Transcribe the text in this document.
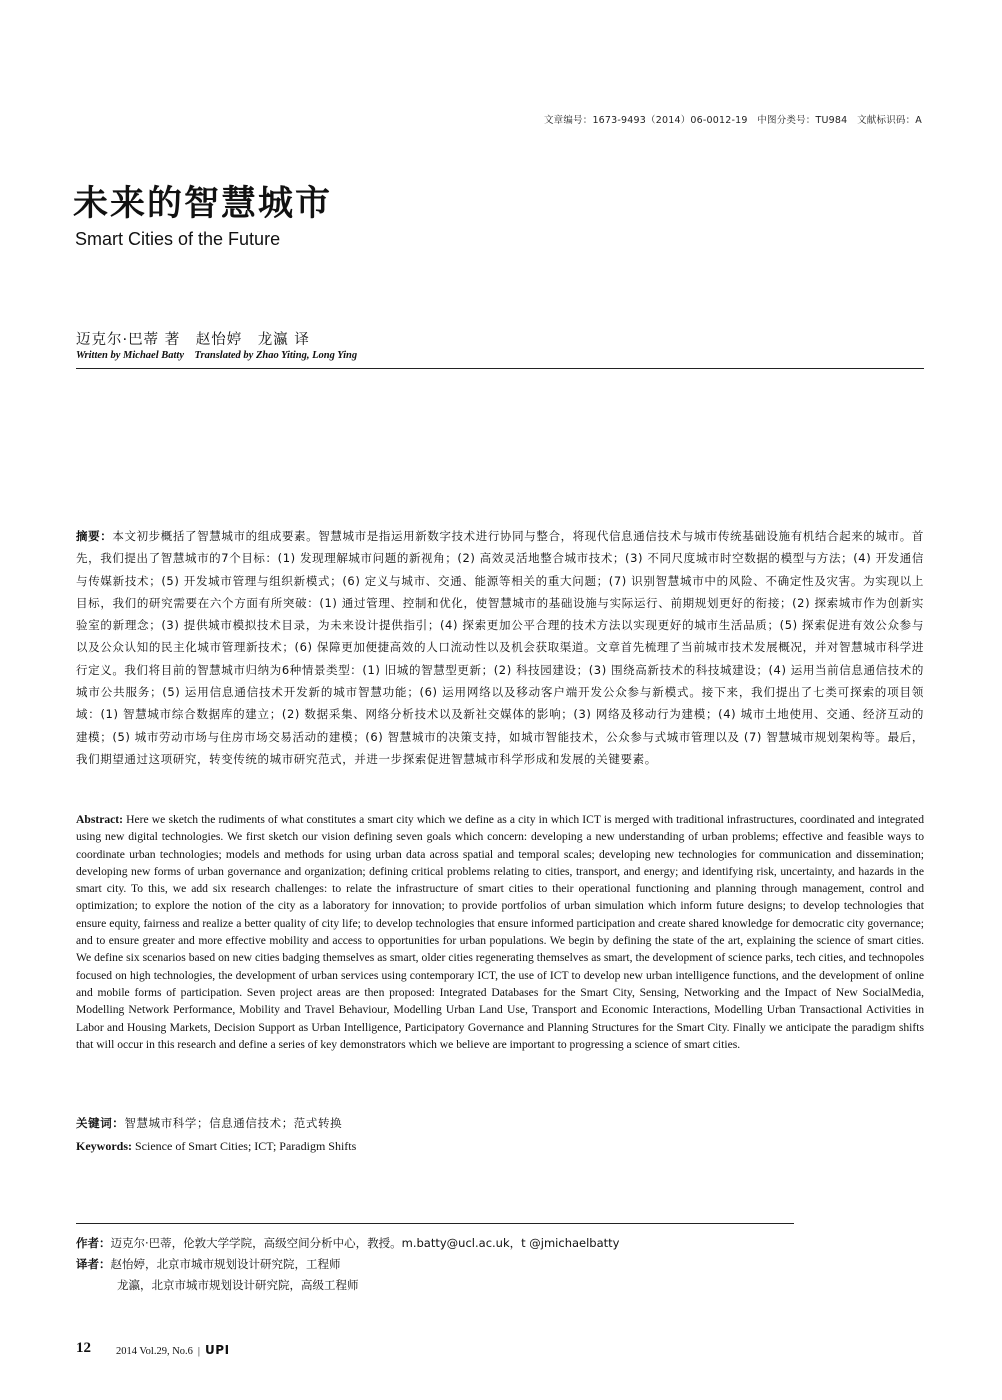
文章编号：1673-9493（2014）06-0012-19　中图分类号：TU984　文献标识码：A
未来的智慧城市
Smart Cities of the Future
迈克尔·巴蒂 著　赵怡婷　龙瀛 译
Written by Michael Batty　Translated by Zhao Yiting, Long Ying
摘要：本文初步概括了智慧城市的组成要素。智慧城市是指运用新数字技术进行协同与整合，将现代信息通信技术与城市传统基础设施有机结合起来的城市。首先，我们提出了智慧城市的7个目标：(1) 发现理解城市问题的新视角；(2) 高效灵活地整合城市技术；(3) 不同尺度城市时空数据的模型与方法；(4) 开发通信与传媒新技术；(5) 开发城市管理与组织新模式；(6) 定义与城市、交通、能源等相关的重大问题；(7) 识别智慧城市中的风险、不确定性及灾害。为实现以上目标，我们的研究需要在六个方面有所突破：(1) 通过管理、控制和优化，使智慧城市的基础设施与实际运行、前期规划更好的衔接；(2) 探索城市作为创新实验室的新理念；(3) 提供城市模拟技术目录，为未来设计提供指引；(4) 探索更加公平合理的技术方法以实现更好的城市生活品质；(5) 探索促进有效公众参与以及公众认知的民主化城市管理新技术；(6) 保障更加便捷高效的人口流动性以及机会获取渠道。文章首先梳理了当前城市技术发展概况，并对智慧城市科学进行定义。我们将目前的智慧城市归纳为6种情景类型：(1) 旧城的智慧型更新；(2) 科技园建设；(3) 围绕高新技术的科技城建设；(4) 运用当前信息通信技术的城市公共服务；(5) 运用信息通信技术开发新的城市智慧功能；(6) 运用网络以及移动客户端开发公众参与新模式。接下来，我们提出了七类可探索的项目领域：(1) 智慧城市综合数据库的建立；(2) 数据采集、网络分析技术以及新社交媒体的影响；(3) 网络及移动行为建模；(4) 城市土地使用、交通、经济互动的建模；(5) 城市劳动市场与住房市场交易活动的建模；(6) 智慧城市的决策支持，如城市智能技术，公众参与式城市管理以及 (7) 智慧城市规划架构等。最后，我们期望通过这项研究，转变传统的城市研究范式，并进一步探索促进智慧城市科学形成和发展的关键要素。
Abstract: Here we sketch the rudiments of what constitutes a smart city which we define as a city in which ICT is merged with traditional infrastructures, coordinated and integrated using new digital technologies. We first sketch our vision defining seven goals which concern: developing a new understanding of urban problems; effective and feasible ways to coordinate urban technologies; models and methods for using urban data across spatial and temporal scales; developing new technologies for communication and dissemination; developing new forms of urban governance and organization; defining critical problems relating to cities, transport, and energy; and identifying risk, uncertainty, and hazards in the smart city. To this, we add six research challenges: to relate the infrastructure of smart cities to their operational functioning and planning through management, control and optimization; to explore the notion of the city as a laboratory for innovation; to provide portfolios of urban simulation which inform future designs; to develop technologies that ensure equity, fairness and realize a better quality of city life; to develop technologies that ensure informed participation and create shared knowledge for democratic city governance; and to ensure greater and more effective mobility and access to opportunities for urban populations. We begin by defining the state of the art, explaining the science of smart cities. We define six scenarios based on new cities badging themselves as smart, older cities regenerating themselves as smart, the development of science parks, tech cities, and technopoles focused on high technologies, the development of urban services using contemporary ICT, the use of ICT to develop new urban intelligence functions, and the development of online and mobile forms of participation. Seven project areas are then proposed: Integrated Databases for the Smart City, Sensing, Networking and the Impact of New SocialMedia, Modelling Network Performance, Mobility and Travel Behaviour, Modelling Urban Land Use, Transport and Economic Interactions, Modelling Urban Transactional Activities in Labor and Housing Markets, Decision Support as Urban Intelligence, Participatory Governance and Planning Structures for the Smart City. Finally we anticipate the paradigm shifts that will occur in this research and define a series of key demonstrators which we believe are important to progressing a science of smart cities.
关键词：智慧城市科学；信息通信技术；范式转换
Keywords: Science of Smart Cities; ICT; Paradigm Shifts
作者：迈克尔·巴蒂，伦敦大学学院，高级空间分析中心，教授。m.batty@ucl.ac.uk，t @jmichaelbatty
译者：赵怡婷，北京市城市规划设计研究院，工程师
龙瀛，北京市城市规划设计研究院，高级工程师
12 2014 Vol.29, No.6 | UPI
